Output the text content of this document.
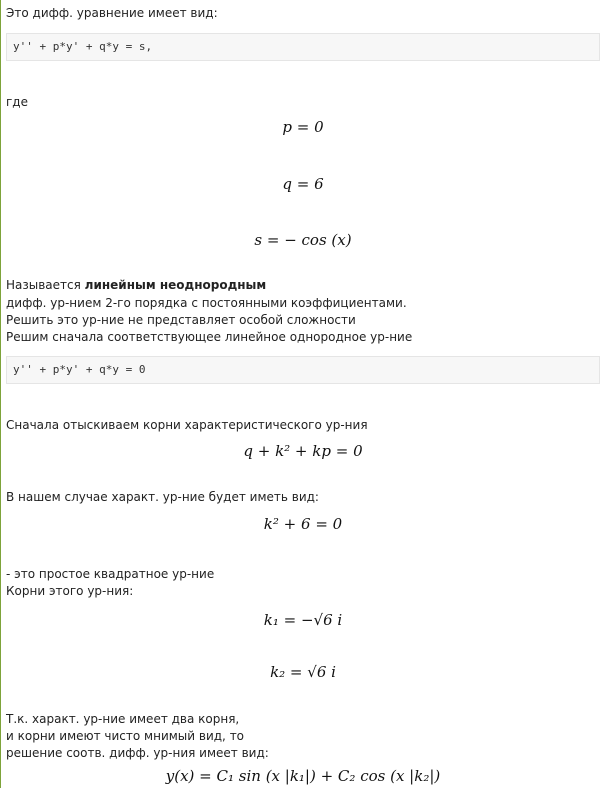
Это дифф. уравнение имеет вид:
y'' + p*y' + q*y = s,
где
p = 0
q = 6
s = − cos (x)
Называется линейным неоднородным
дифф. ур-нием 2-го порядка с постоянными коэффициентами.
Решить это ур-ние не представляет особой сложности
Решим сначала соответствующее линейное однородное ур-ние
y'' + p*y' + q*y = 0
Сначала отыскиваем корни характеристического ур-ния
q + k² + kp = 0
В нашем случае характ. ур-ние будет иметь вид:
k² + 6 = 0
- это простое квадратное ур-ние
Корни этого ур-ния:
k₁ = −√6 i
k₂ = √6 i
Т.к. характ. ур-ние имеет два корня,
и корни имеют чисто мнимый вид, то
решение соотв. дифф. ур-ния имеет вид:
y(x) = C₁ sin (x |k₁|) + C₂ cos (x |k₂|)
